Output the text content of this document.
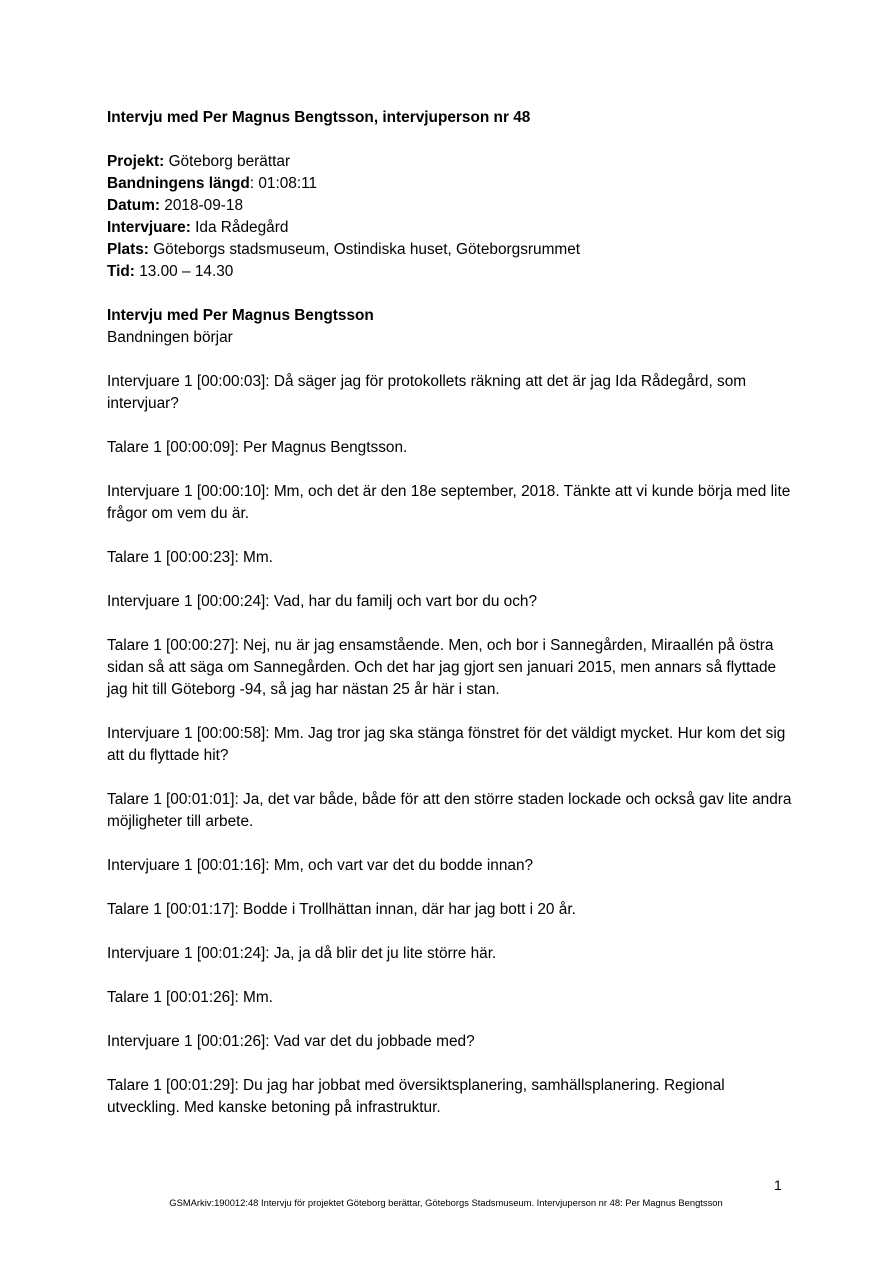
Intervju med Per Magnus Bengtsson, intervjuperson nr 48

Projekt: Göteborg berättar

Bandningens längd: 01:08:11

Datum: 2018-09-18

Intervjuare: Ida Rådegård

Plats: Göteborgs stadsmuseum, Ostindiska huset, Göteborgsrummet

Tid: 13.00 – 14.30

Intervju med Per Magnus Bengtsson

Bandningen börjar

Intervjuare 1 [00:00:03]: Då säger jag för protokollets räkning att det är jag Ida Rådegård, som intervjuar?

Talare 1 [00:00:09]: Per Magnus Bengtsson.

Intervjuare 1 [00:00:10]: Mm, och det är den 18e september, 2018. Tänkte att vi kunde börja med lite frågor om vem du är.

Talare 1 [00:00:23]: Mm.

Intervjuare 1 [00:00:24]: Vad, har du familj och vart bor du och?

Talare 1 [00:00:27]: Nej, nu är jag ensamstående. Men, och bor i Sannegården, Miraallén på östra sidan så att säga om Sannegården. Och det har jag gjort sen januari 2015, men annars så flyttade jag hit till Göteborg -94, så jag har nästan 25 år här i stan.

Intervjuare 1 [00:00:58]: Mm. Jag tror jag ska stänga fönstret för det väldigt mycket. Hur kom det sig att du flyttade hit?

Talare 1 [00:01:01]: Ja, det var både, både för att den större staden lockade och också gav lite andra möjligheter till arbete.

Intervjuare 1 [00:01:16]: Mm, och vart var det du bodde innan?

Talare 1 [00:01:17]: Bodde i Trollhättan innan, där har jag bott i 20 år.

Intervjuare 1 [00:01:24]: Ja, ja då blir det ju lite större här.

Talare 1 [00:01:26]: Mm.

Intervjuare 1 [00:01:26]: Vad var det du jobbade med?

Talare 1 [00:01:29]: Du jag har jobbat med översiktsplanering, samhällsplanering. Regional utveckling. Med kanske betoning på infrastruktur.

1
GSMArkiv:190012:48 Intervju för projektet Göteborg berättar, Göteborgs Stadsmuseum. Intervjuperson nr 48: Per Magnus Bengtsson
